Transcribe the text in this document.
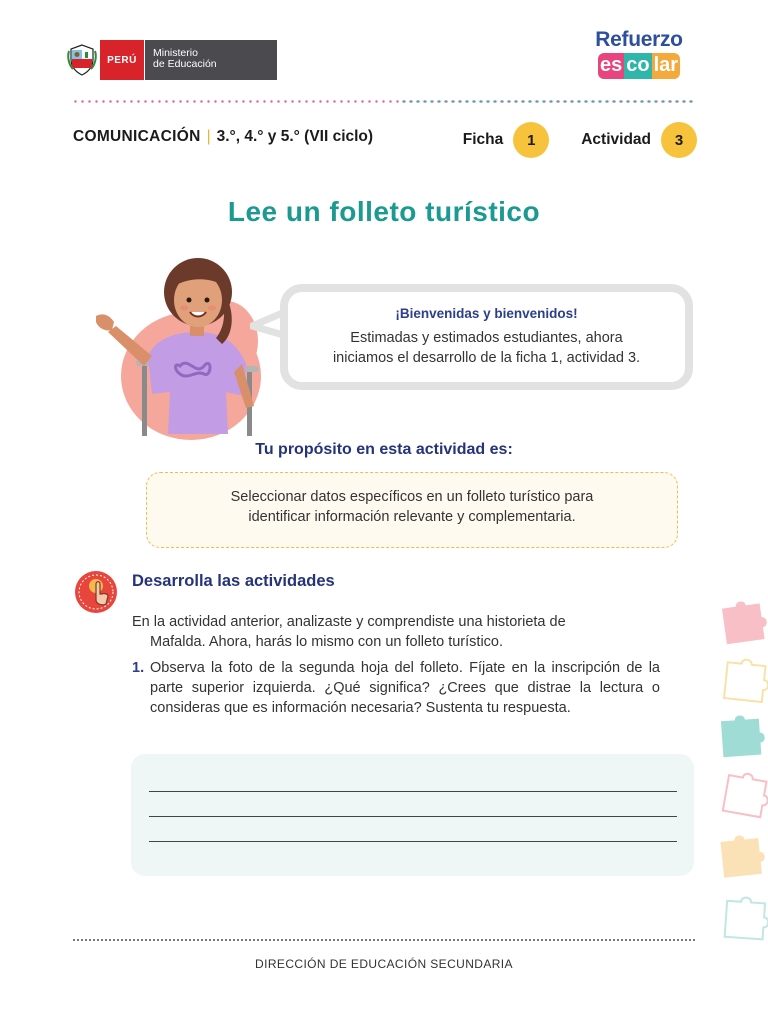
PERÚ
Ministerio
de Educación
Refuerzo
es co lar
COMUNICACIÓN | 3.°, 4.° y 5.° (VII ciclo)	Ficha	1	Actividad	3
Lee un folleto turístico
¡Bienvenidas y bienvenidos!
Estimadas y estimados estudiantes, ahora
iniciamos el desarrollo de la ficha 1, actividad 3.
Tu propósito en esta actividad es:
Seleccionar datos específicos en un folleto turístico para
identificar información relevante y complementaria.
Desarrolla las actividades

En la actividad anterior, analizaste y comprendiste una historieta de
Mafalda. Ahora, harás lo mismo con un folleto turístico.

1. Observa la foto de la segunda hoja del folleto. Fíjate en la inscripción de la parte superior izquierda. ¿Qué significa? ¿Crees que distrae la lectura o consideras que es información necesaria? Sustenta tu respuesta.
DIRECCIÓN DE EDUCACIÓN SECUNDARIA
